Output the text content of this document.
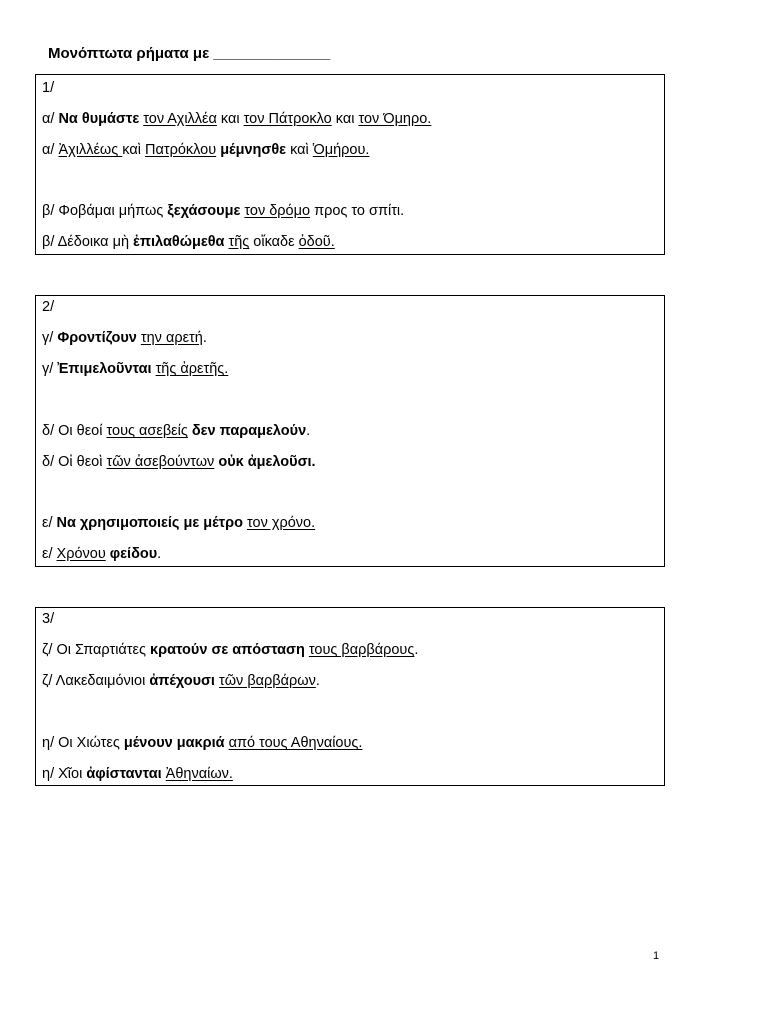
Μονόπτωτα ρήματα με ______________
1/
α/ Να θυμάστε τον Αχιλλέα και τον Πάτροκλο και τον Όμηρο.
α/ Ἀχιλλέως καὶ Πατρόκλου μέμνησθε καὶ Ὁμήρου.
β/ Φοβάμαι μήπως ξεχάσουμε τον δρόμο προς το σπίτι.
β/ Δέδοικα μὴ ἐπιλαθώμεθα τῆς οἴκαδε ὁδοῦ.
2/
γ/ Φροντίζουν την αρετή.
γ/ Ἐπιμελοῦνται τῆς ἀρετῆς.
δ/ Οι θεοί τους ασεβείς δεν παραμελούν.
δ/ Οἱ θεοὶ τῶν ἀσεβούντων οὐκ ἀμελοῦσι.
ε/ Να χρησιμοποιείς με μέτρο τον χρόνο.
ε/ Χρόνου φείδου.
3/
ζ/ Οι Σπαρτιάτες κρατούν σε απόσταση τους βαρβάρους.
ζ/ Λακεδαιμόνιοι ἀπέχουσι τῶν βαρβάρων.
η/ Οι Χιώτες μένουν μακριά από τους Αθηναίους.
η/ Χῖοι ἀφίστανται Ἀθηναίων.
1
